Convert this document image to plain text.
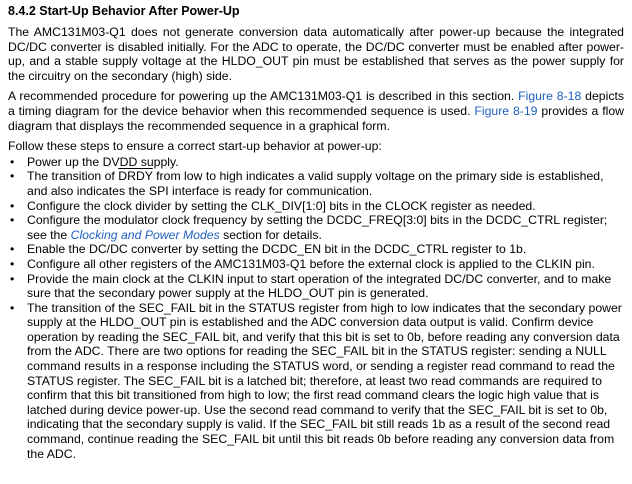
8.4.2 Start-Up Behavior After Power-Up

The AMC131M03-Q1 does not generate conversion data automatically after power-up because the integrated DC/DC converter is disabled initially. For the ADC to operate, the DC/DC converter must be enabled after power-up, and a stable supply voltage at the HLDO_OUT pin must be established that serves as the power supply for the circuitry on the secondary (high) side.

A recommended procedure for powering up the AMC131M03-Q1 is described in this section. Figure 8-18 depicts a timing diagram for the device behavior when this recommended sequence is used. Figure 8-19 provides a flow diagram that displays the recommended sequence in a graphical form.

Follow these steps to ensure a correct start-up behavior at power-up:

• Power up the DVDD supply.
• The transition of DRDY from low to high indicates a valid supply voltage on the primary side is established, and also indicates the SPI interface is ready for communication.
• Configure the clock divider by setting the CLK_DIV[1:0] bits in the CLOCK register as needed.
• Configure the modulator clock frequency by setting the DCDC_FREQ[3:0] bits in the DCDC_CTRL register; see the Clocking and Power Modes section for details.
• Enable the DC/DC converter by setting the DCDC_EN bit in the DCDC_CTRL register to 1b.
• Configure all other registers of the AMC131M03-Q1 before the external clock is applied to the CLKIN pin.
• Provide the main clock at the CLKIN input to start operation of the integrated DC/DC converter, and to make sure that the secondary power supply at the HLDO_OUT pin is generated.
• The transition of the SEC_FAIL bit in the STATUS register from high to low indicates that the secondary power supply at the HLDO_OUT pin is established and the ADC conversion data output is valid. Confirm device operation by reading the SEC_FAIL bit, and verify that this bit is set to 0b, before reading any conversion data from the ADC. There are two options for reading the SEC_FAIL bit in the STATUS register: sending a NULL command results in a response including the STATUS word, or sending a register read command to read the STATUS register. The SEC_FAIL bit is a latched bit; therefore, at least two read commands are required to confirm that this bit transitioned from high to low; the first read command clears the logic high value that is latched during device power-up. Use the second read command to verify that the SEC_FAIL bit is set to 0b, indicating that the secondary supply is valid. If the SEC_FAIL bit still reads 1b as a result of the second read command, continue reading the SEC_FAIL bit until this bit reads 0b before reading any conversion data from the ADC.
